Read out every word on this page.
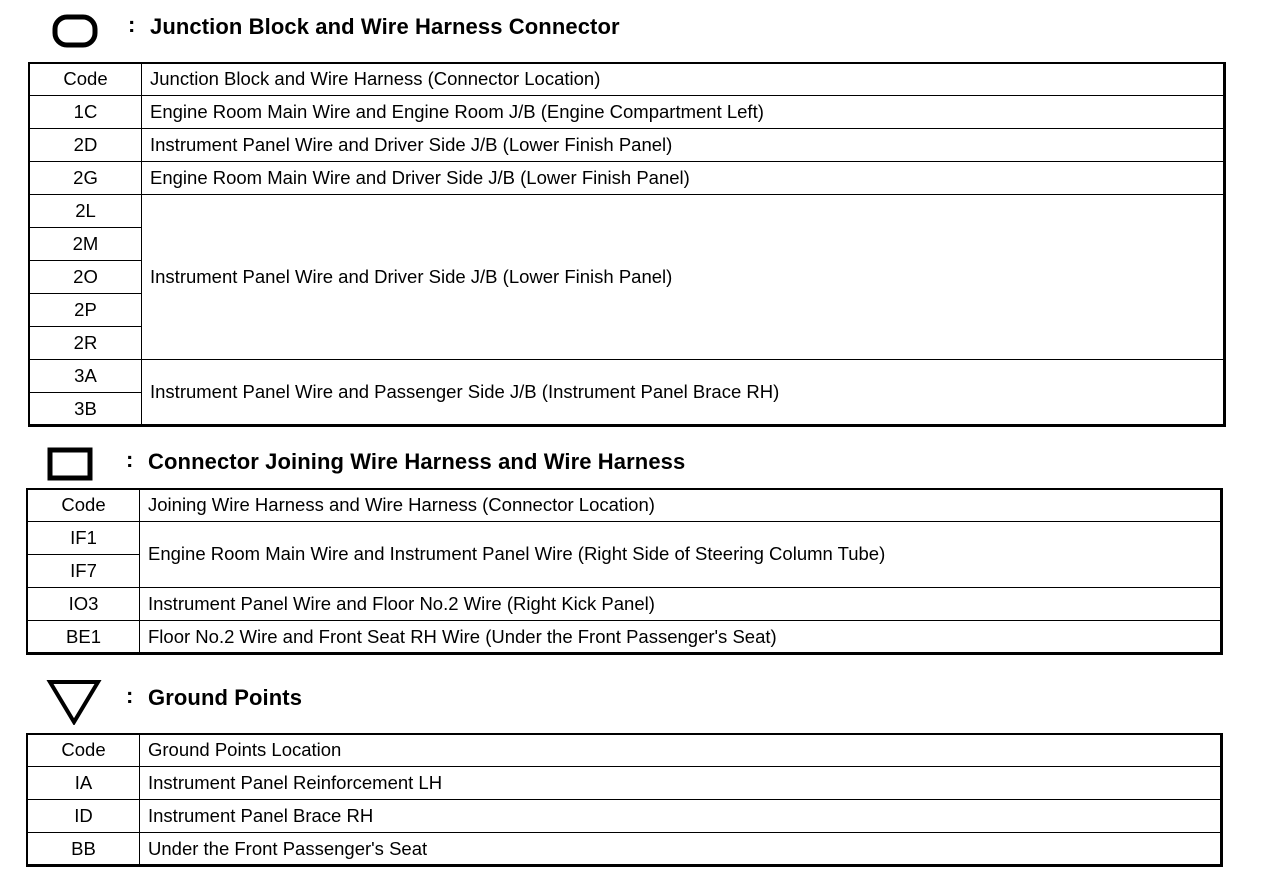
: Junction Block and Wire Harness Connector
Code	Junction Block and Wire Harness (Connector Location)
1C	Engine Room Main Wire and Engine Room J/B (Engine Compartment Left)
2D	Instrument Panel Wire and Driver Side J/B (Lower Finish Panel)
2G	Engine Room Main Wire and Driver Side J/B (Lower Finish Panel)
2L	Instrument Panel Wire and Driver Side J/B (Lower Finish Panel)
2M	
2O	
2P	
2R	
3A	Instrument Panel Wire and Passenger Side J/B (Instrument Panel Brace RH)
3B	
: Connector Joining Wire Harness and Wire Harness
Code	Joining Wire Harness and Wire Harness (Connector Location)
IF1	Engine Room Main Wire and Instrument Panel Wire (Right Side of Steering Column Tube)
IF7	
IO3	Instrument Panel Wire and Floor No.2 Wire (Right Kick Panel)
BE1	Floor No.2 Wire and Front Seat RH Wire (Under the Front Passenger's Seat)
: Ground Points
Code	Ground Points Location
IA	Instrument Panel Reinforcement LH
ID	Instrument Panel Brace RH
BB	Under the Front Passenger's Seat
